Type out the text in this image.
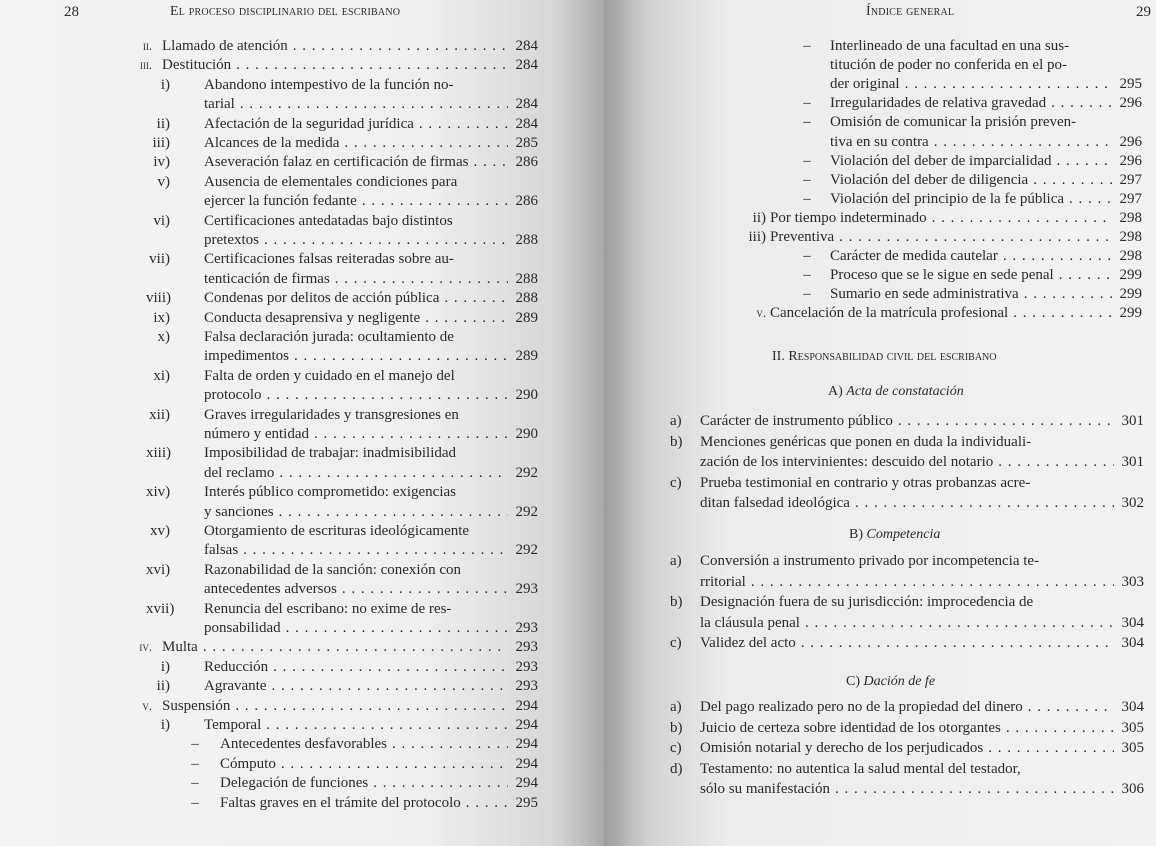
28	El proceso disciplinario del escribano
ii. Llamado de atención . . .	284
iii. Destitución . . .	284
i) Abandono intempestivo de la función no-
tarial . . .	284
ii) Afectación de la seguridad jurídica . . .	284
iii) Alcances de la medida . . .	285
iv) Aseveración falaz en certificación de firmas . . .	286
v) Ausencia de elementales condiciones para
ejercer la función fedante . . .	286
vi) Certificaciones antedatadas bajo distintos
pretextos . . .	288
vii) Certificaciones falsas reiteradas sobre au-
tenticación de firmas . . .	288
viii) Condenas por delitos de acción pública . . .	288
ix) Conducta desaprensiva y negligente . . .	289
x) Falsa declaración jurada: ocultamiento de
impedimentos . . .	289
xi) Falta de orden y cuidado en el manejo del
protocolo . . .	290
xii) Graves irregularidades y transgresiones en
número y entidad . . .	290
xiii) Imposibilidad de trabajar: inadmisibilidad
del reclamo . . .	292
xiv) Interés público comprometido: exigencias
y sanciones . . .	292
xv) Otorgamiento de escrituras ideológicamente
falsas . . .	292
xvi) Razonabilidad de la sanción: conexión con
antecedentes adversos . . .	293
xvii) Renuncia del escribano: no exime de res-
ponsabilidad . . .	293
iv. Multa . . .	293
i) Reducción . . .	293
ii) Agravante . . .	293
v. Suspensión . . .	294
i) Temporal . . .	294
– Antecedentes desfavorables . . .	294
– Cómputo . . .	294
– Delegación de funciones . . .	294
– Faltas graves en el trámite del protocolo . . .	295
Índice general	29
– Interlineado de una facultad en una sus-
titución de poder no conferida en el po-
der original . . .	295
– Irregularidades de relativa gravedad . . .	296
– Omisión de comunicar la prisión preven-
tiva en su contra . . .	296
– Violación del deber de imparcialidad . . .	296
– Violación del deber de diligencia . . .	297
– Violación del principio de la fe pública . . .	297
ii) Por tiempo indeterminado . . .	298
iii) Preventiva . . .	298
– Carácter de medida cautelar . . .	298
– Proceso que se le sigue en sede penal . . .	299
– Sumario en sede administrativa . . .	299
v. Cancelación de la matrícula profesional . . .	299
II. Responsabilidad civil del escribano
A) Acta de constatación
a)	Carácter de instrumento público . . .	301
b)	Menciones genéricas que ponen en duda la individuali-
zación de los intervinientes: descuido del notario . . .	301
c)	Prueba testimonial en contrario y otras probanzas acre-
ditan falsedad ideológica . . .	302
B) Competencia
a)	Conversión a instrumento privado por incompetencia te-
rritorial . . .	303
b)	Designación fuera de su jurisdicción: improcedencia de
la cláusula penal . . .	304
c)	Validez del acto . . .	304
C) Dación de fe
a)	Del pago realizado pero no de la propiedad del dinero . . .	304
b)	Juicio de certeza sobre identidad de los otorgantes . . .	305
c)	Omisión notarial y derecho de los perjudicados . . .	305
d)	Testamento: no autentica la salud mental del testador,
sólo su manifestación . . .	306
